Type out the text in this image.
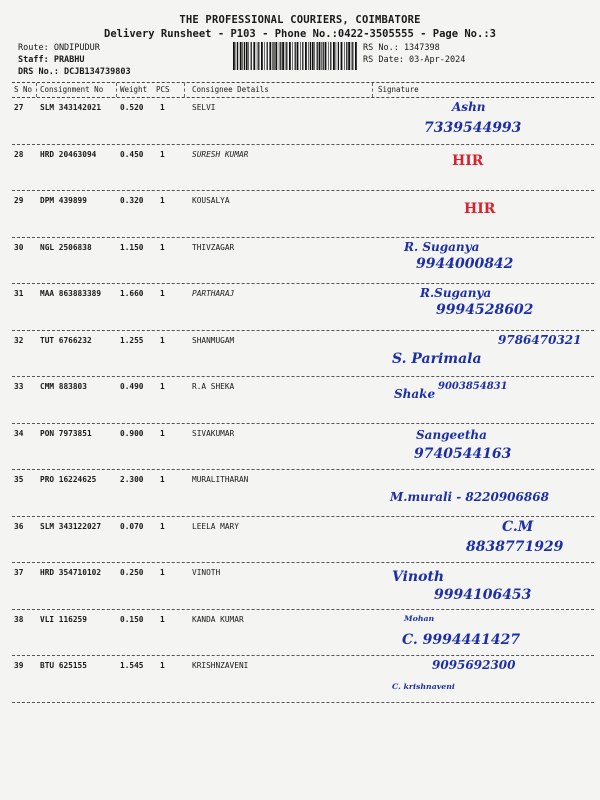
THE PROFESSIONAL COURIERS, COIMBATORE
Delivery Runsheet - P103 - Phone No.:0422-3505555 - Page No.:3
Route: ONDIPUDUR
Staff: PRABHU
DRS No.: DCJB134739803
RS No.: 1347398
RS Date: 03-Apr-2024
S No Consignment No Weight PCS	Consignee Details	Signature
27 SLM 343142021 0.520 1	SELVI	Ashn
7339544993
28 HRD 20463094	0.450 1	SURESH KUMAR	HIR
29 DPM 439899	0.320 1	KOUSALYA
HIR
30 NGL 2506838	1.150 1	THIVZAGAR	R. Suganya
9944000842
31 MAA 863883389 1.660 1	PARTHARAJ	R.Suganya
9994528602
32 TUT 6766232	1.255 1	SHANMUGAM	9786470321
S. Parimala
33 CMM 883803	0.490 1	R.A SHEKA
Shake
9003854831
34 PON 7973851	0.900 1	SIVAKUMAR	Sangeetha
9740544163
35 PRO 16224625	2.300 1	MURALITHARAN
M.murali - 8220906868
36 SLM 343122027 0.070 1	LEELA MARY	C.M
8838771929
37 HRD 354710102 0.250 1	VINOTH	Vinoth
9994106453
38 VLI 116259	0.150 1	KANDA KUMAR	Mohan
C. 9994441427
39 BTU 625155	1.545 1	KRISHNZAVENI	9095692300
C. krishnaveni
